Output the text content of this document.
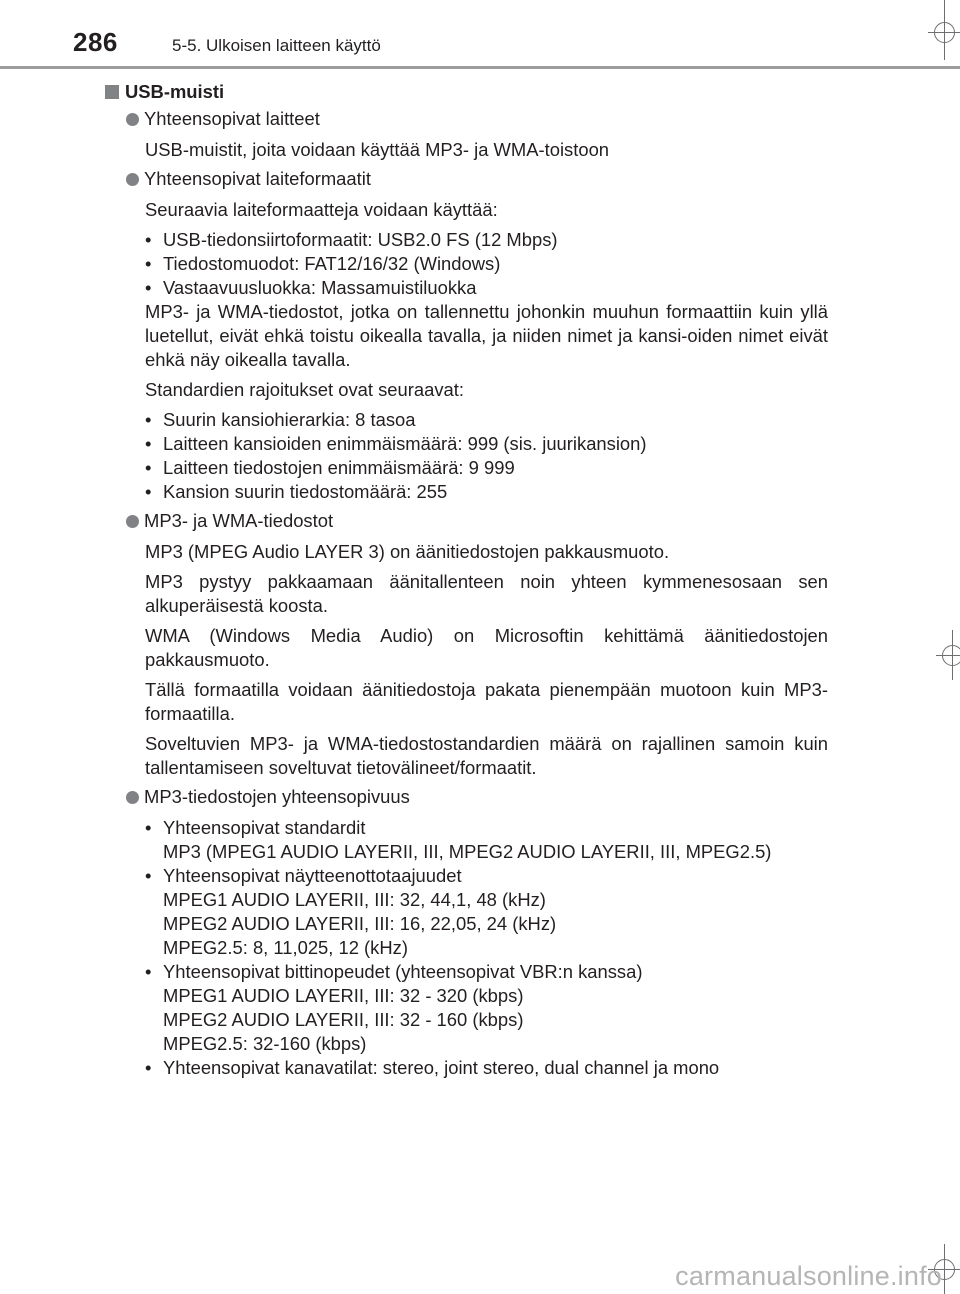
286	5-5. Ulkoisen laitteen käyttö
USB-muisti
Yhteensopivat laitteet
USB-muistit, joita voidaan käyttää MP3- ja WMA-toistoon
Yhteensopivat laiteformaatit
Seuraavia laiteformaatteja voidaan käyttää:
• USB-tiedonsiirtoformaatit: USB2.0 FS (12 Mbps)
• Tiedostomuodot: FAT12/16/32 (Windows)
• Vastaavuusluokka: Massamuistiluokka
MP3- ja WMA-tiedostot, jotka on tallennettu johonkin muuhun formaattiin kuin yllä luetellut, eivät ehkä toistu oikealla tavalla, ja niiden nimet ja kansi-oiden nimet eivät ehkä näy oikealla tavalla.
Standardien rajoitukset ovat seuraavat:
• Suurin kansiohierarkia: 8 tasoa
• Laitteen kansioiden enimmäismäärä: 999 (sis. juurikansion)
• Laitteen tiedostojen enimmäismäärä: 9 999
• Kansion suurin tiedostomäärä: 255
MP3- ja WMA-tiedostot
MP3 (MPEG Audio LAYER 3) on äänitiedostojen pakkausmuoto.
MP3 pystyy pakkaamaan äänitallenteen noin yhteen kymmenesosaan sen alkuperäisestä koosta.
WMA (Windows Media Audio) on Microsoftin kehittämä äänitiedostojen pakkausmuoto.
Tällä formaatilla voidaan äänitiedostoja pakata pienempään muotoon kuin MP3-formaatilla.
Soveltuvien MP3- ja WMA-tiedostostandardien määrä on rajallinen samoin kuin tallentamiseen soveltuvat tietovälineet/formaatit.
MP3-tiedostojen yhteensopivuus
• Yhteensopivat standardit
MP3 (MPEG1 AUDIO LAYERII, III, MPEG2 AUDIO LAYERII, III, MPEG2.5)
• Yhteensopivat näytteenottotaajuudet
MPEG1 AUDIO LAYERII, III: 32, 44,1, 48 (kHz)
MPEG2 AUDIO LAYERII, III: 16, 22,05, 24 (kHz)
MPEG2.5: 8, 11,025, 12 (kHz)
• Yhteensopivat bittinopeudet (yhteensopivat VBR:n kanssa)
MPEG1 AUDIO LAYERII, III: 32 - 320 (kbps)
MPEG2 AUDIO LAYERII, III: 32 - 160 (kbps)
MPEG2.5: 32-160 (kbps)
• Yhteensopivat kanavatilat: stereo, joint stereo, dual channel ja mono
carmanualsonline.info
